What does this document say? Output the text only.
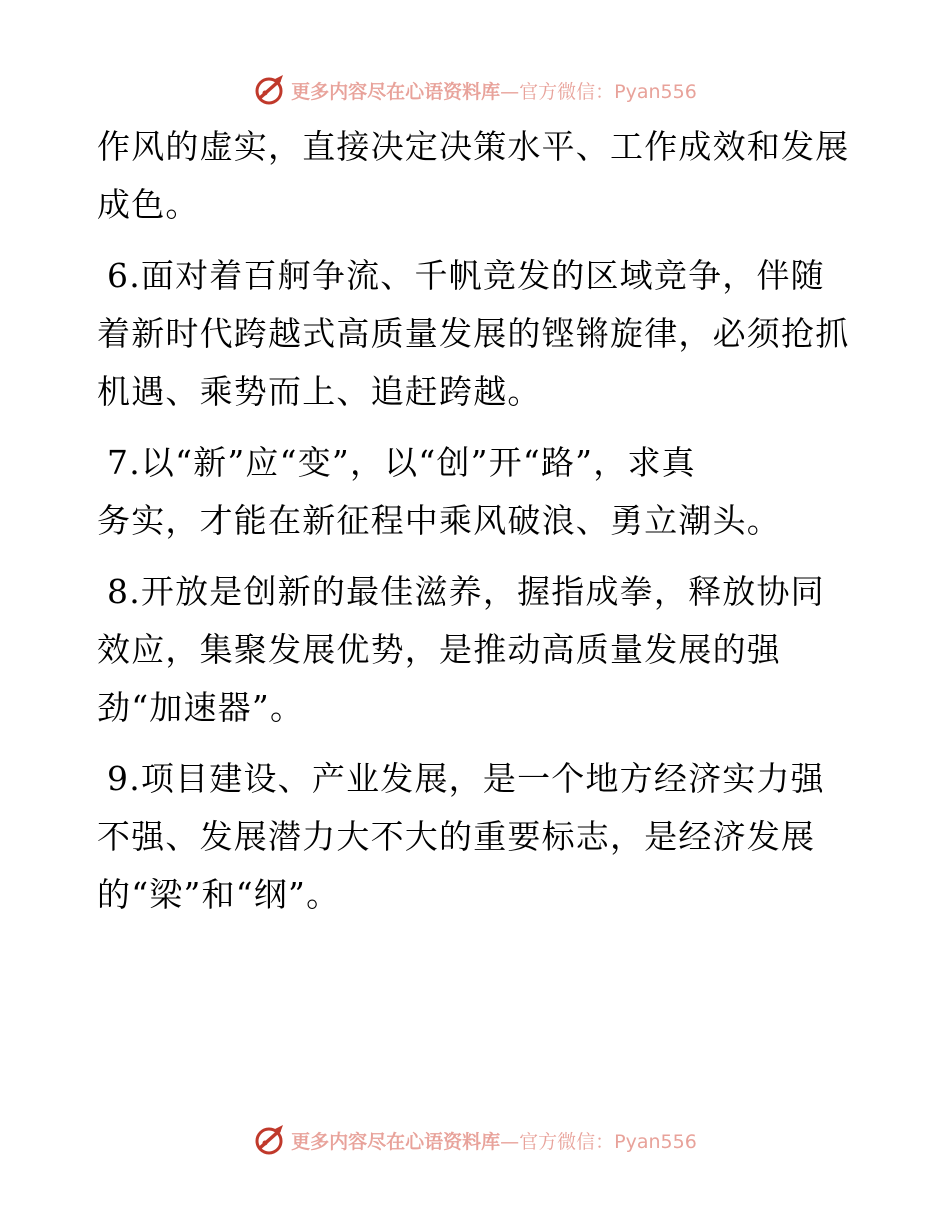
更多内容尽在心语资料库 —官方微信：Pyan556
作风的虚实，直接决定决策水平、工作成效和发展
成色。
6.面对着百舸争流、千帆竞发的区域竞争，伴随
着新时代跨越式高质量发展的铿锵旋律，必须抢抓
机遇、乘势而上、追赶跨越。
7.以“新”应“变”，以“创”开“路”，求真
务实，才能在新征程中乘风破浪、勇立潮头。
8.开放是创新的最佳滋养，握指成拳，释放协同
效应，集聚发展优势，是推动高质量发展的强
劲“加速器”。
9.项目建设、产业发展，是一个地方经济实力强
不强、发展潜力大不大的重要标志，是经济发展
的“梁”和“纲”。
更多内容尽在心语资料库 —官方微信：Pyan556
